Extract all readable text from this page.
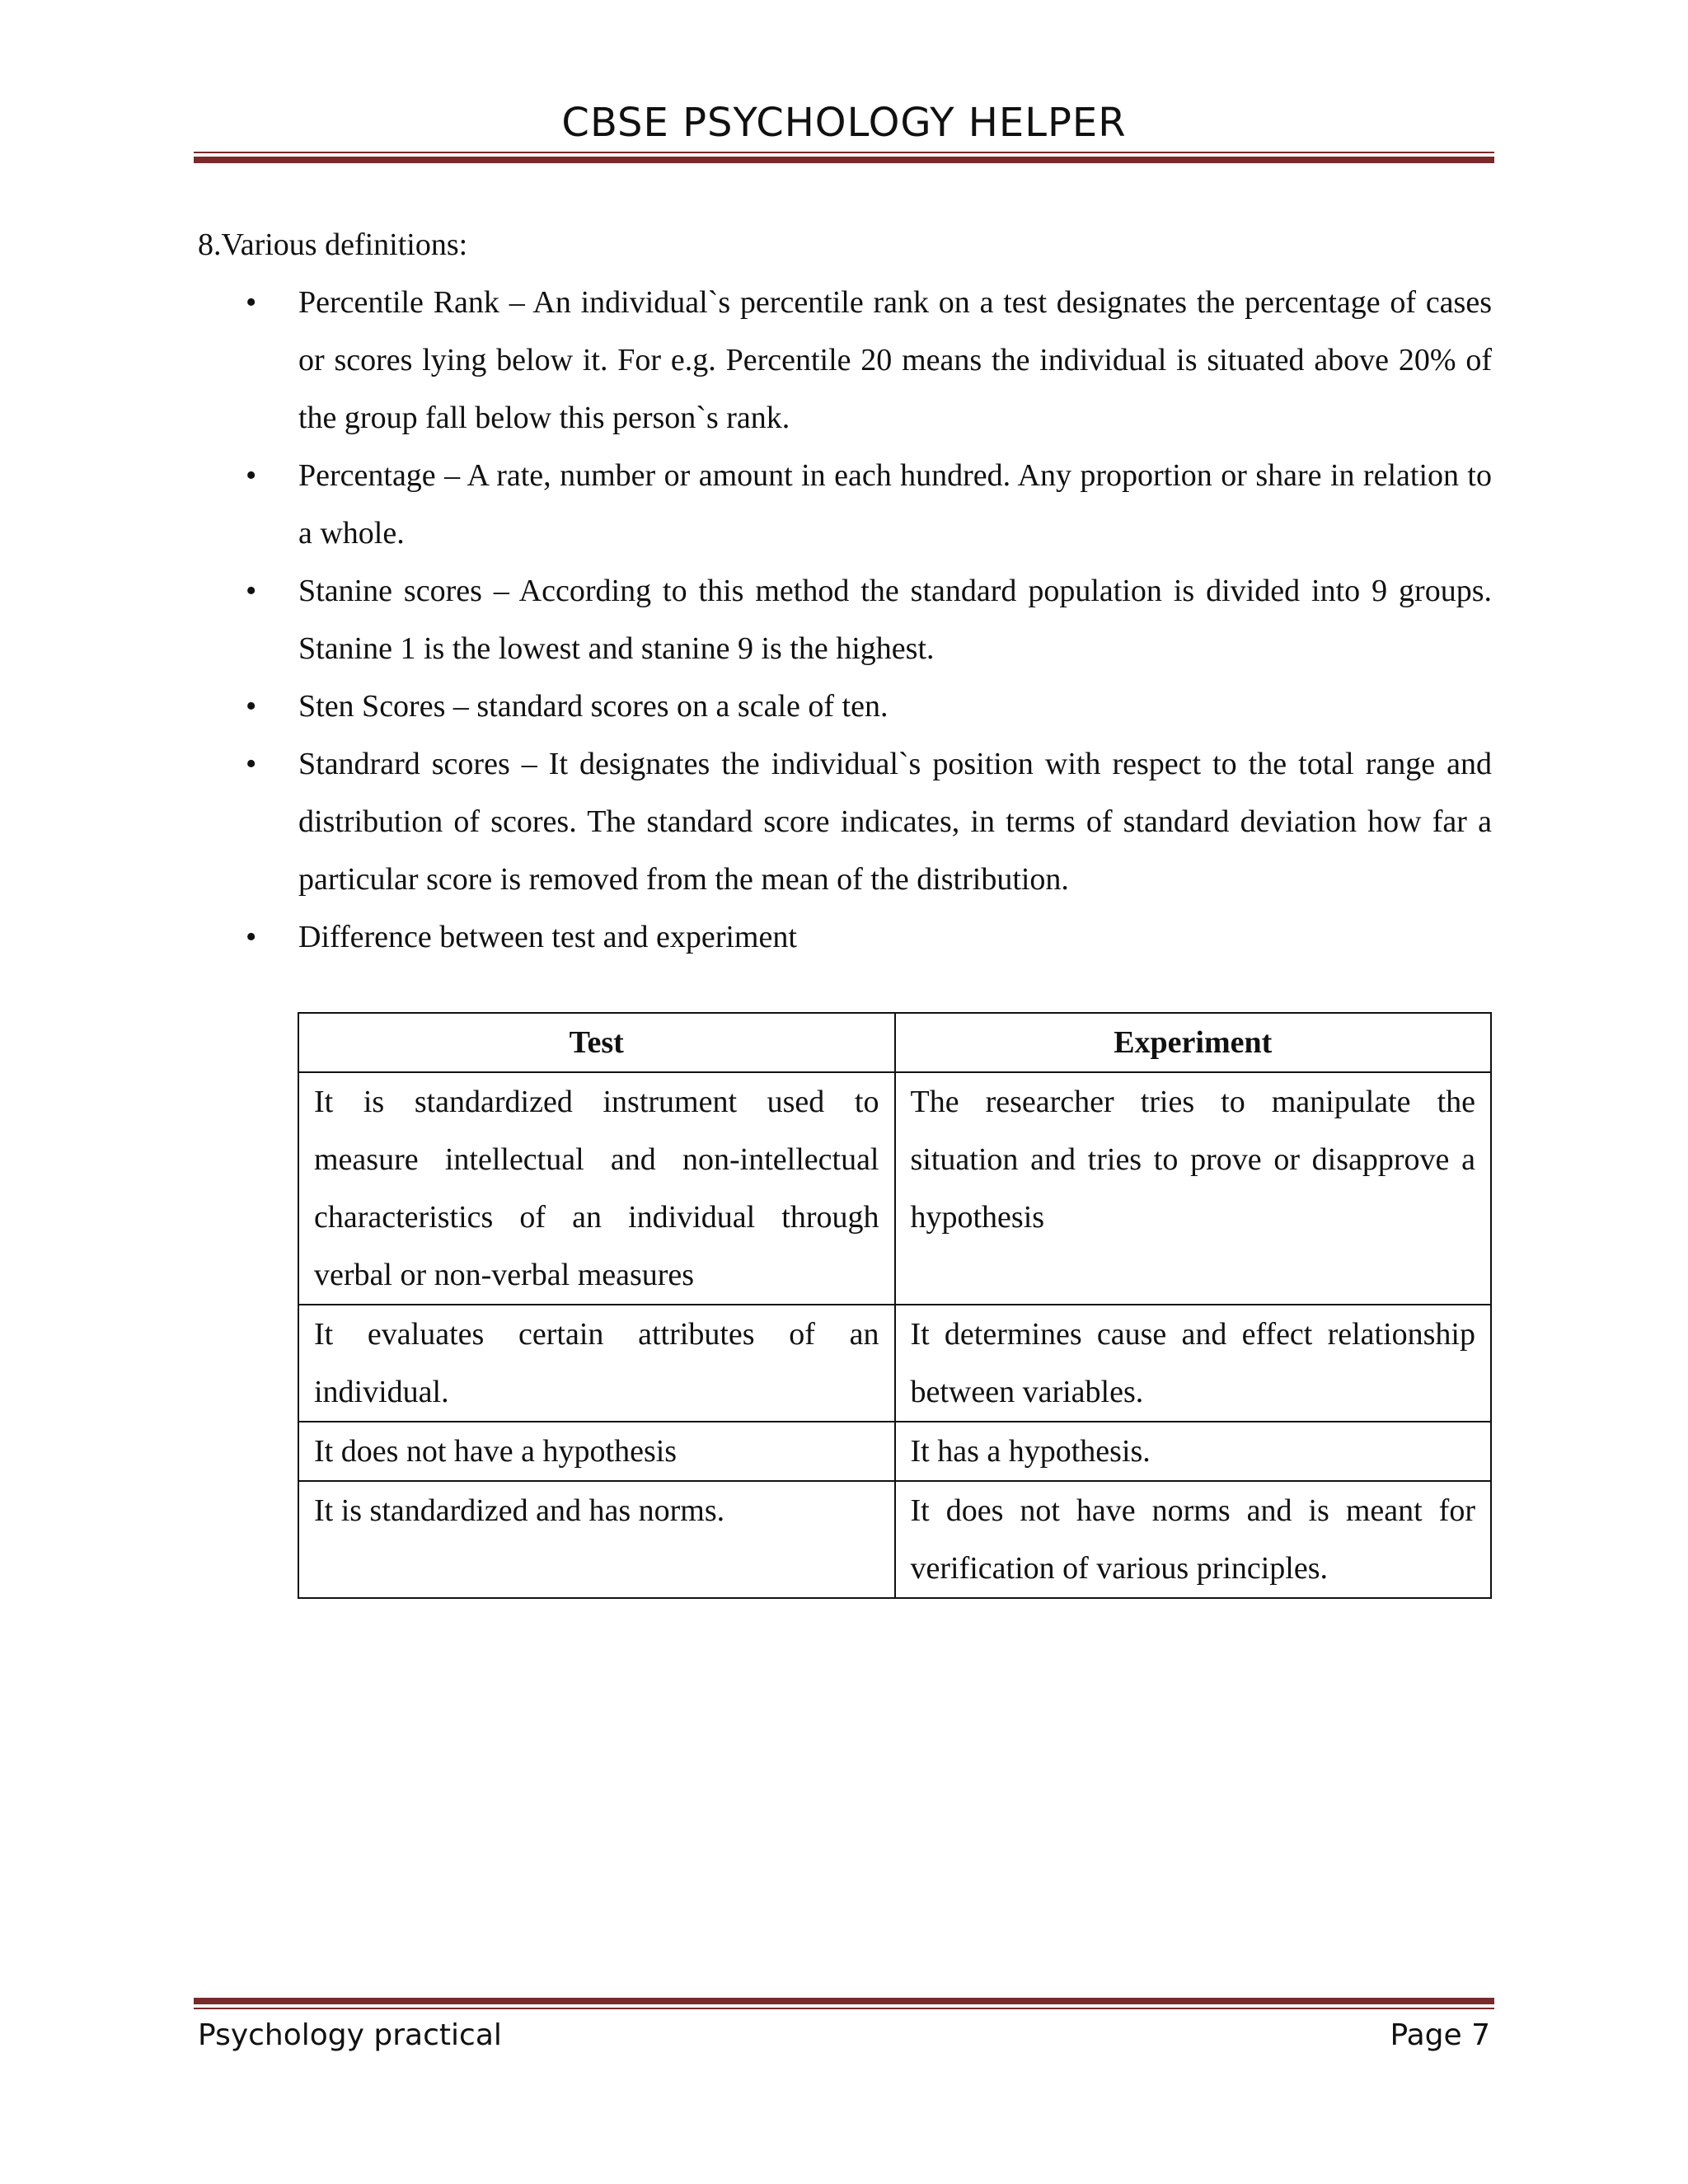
CBSE PSYCHOLOGY HELPER
8.Various definitions:
• Percentile Rank – An individual`s percentile rank on a test designates the percentage of cases or scores lying below it. For e.g. Percentile 20 means the individual is situated above 20% of the group fall below this person`s rank.
• Percentage – A rate, number or amount in each hundred. Any proportion or share in relation to a whole.
• Stanine scores – According to this method the standard population is divided into 9 groups. Stanine 1 is the lowest and stanine 9 is the highest.
• Sten Scores – standard scores on a scale of ten.
• Standrard scores – It designates the individual`s position with respect to the total range and distribution of scores. The standard score indicates, in terms of standard deviation how far a particular score is removed from the mean of the distribution.
• Difference between test and experiment
Test	Experiment
It is standardized instrument used to measure intellectual and non-intellectual characteristics of an individual through verbal or non-verbal measures	The researcher tries to manipulate the situation and tries to prove or disapprove a hypothesis
It evaluates certain attributes of an individual.	It determines cause and effect relationship between variables.
It does not have a hypothesis	It has a hypothesis.
It is standardized and has norms.	It does not have norms and is meant for verification of various principles.
Psychology practical	Page 7
